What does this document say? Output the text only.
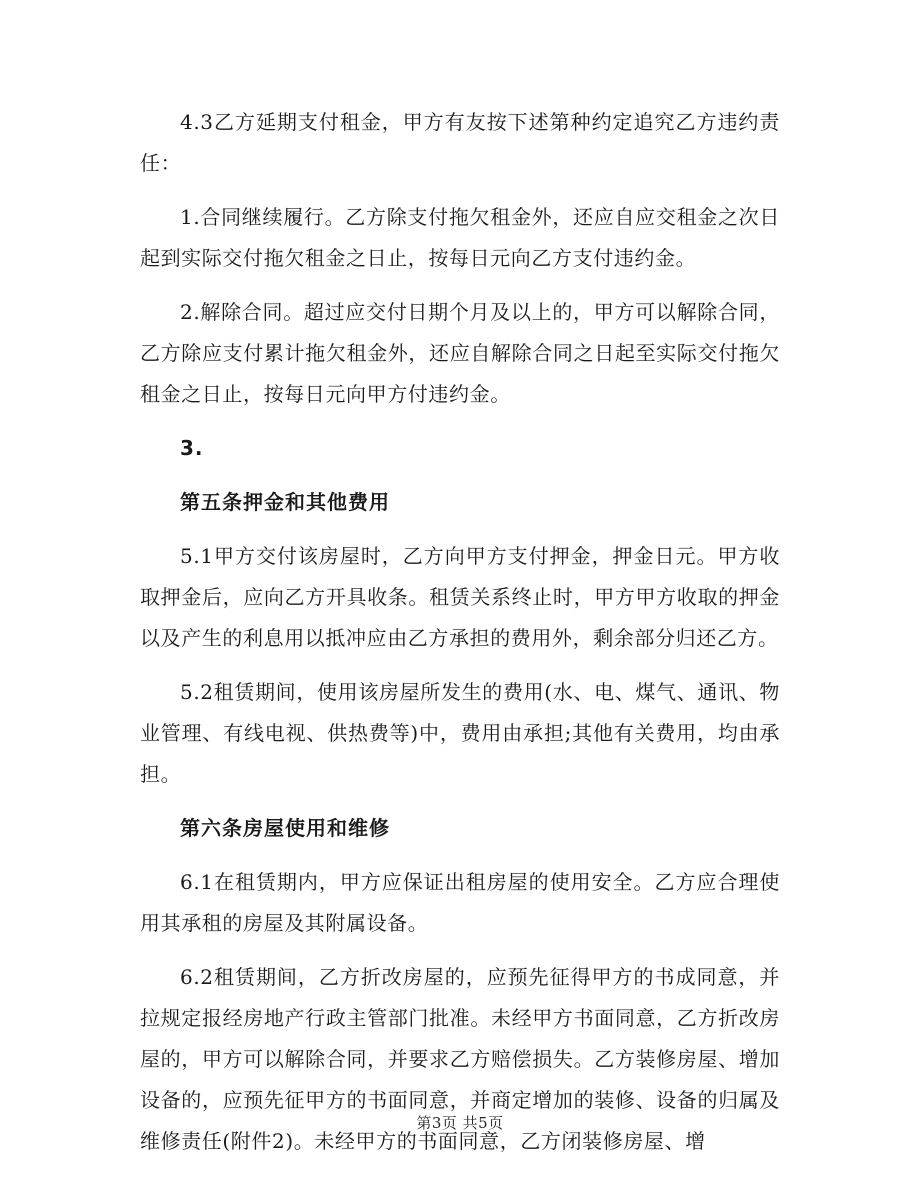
4.3乙方延期支付租金，甲方有友按下述第种约定追究乙方违约责任：

1.合同继续履行。乙方除支付拖欠租金外，还应自应交租金之次日起到实际交付拖欠租金之日止，按每日元向乙方支付违约金。

2.解除合同。超过应交付日期个月及以上的，甲方可以解除合同，乙方除应支付累计拖欠租金外，还应自解除合同之日起至实际交付拖欠租金之日止，按每日元向甲方付违约金。

3.

第五条押金和其他费用

5.1甲方交付该房屋时，乙方向甲方支付押金，押金日元。甲方收取押金后，应向乙方开具收条。租赁关系终止时，甲方甲方收取的押金以及产生的利息用以抵冲应由乙方承担的费用外，剩余部分归还乙方。

5.2租赁期间，使用该房屋所发生的费用(水、电、煤气、通讯、物业管理、有线电视、供热费等)中，费用由承担;其他有关费用，均由承担。

第六条房屋使用和维修

6.1在租赁期内，甲方应保证出租房屋的使用安全。乙方应合理使用其承租的房屋及其附属设备。

6.2租赁期间，乙方折改房屋的，应预先征得甲方的书成同意，并拉规定报经房地产行政主管部门批准。未经甲方书面同意，乙方折改房屋的，甲方可以解除合同，并要求乙方赔偿损失。乙方装修房屋、增加设备的，应预先征甲方的书面同意，并商定增加的装修、设备的归属及维修责任(附件2)。未经甲方的书面同意，乙方闭装修房屋、增

第3页 共5页
